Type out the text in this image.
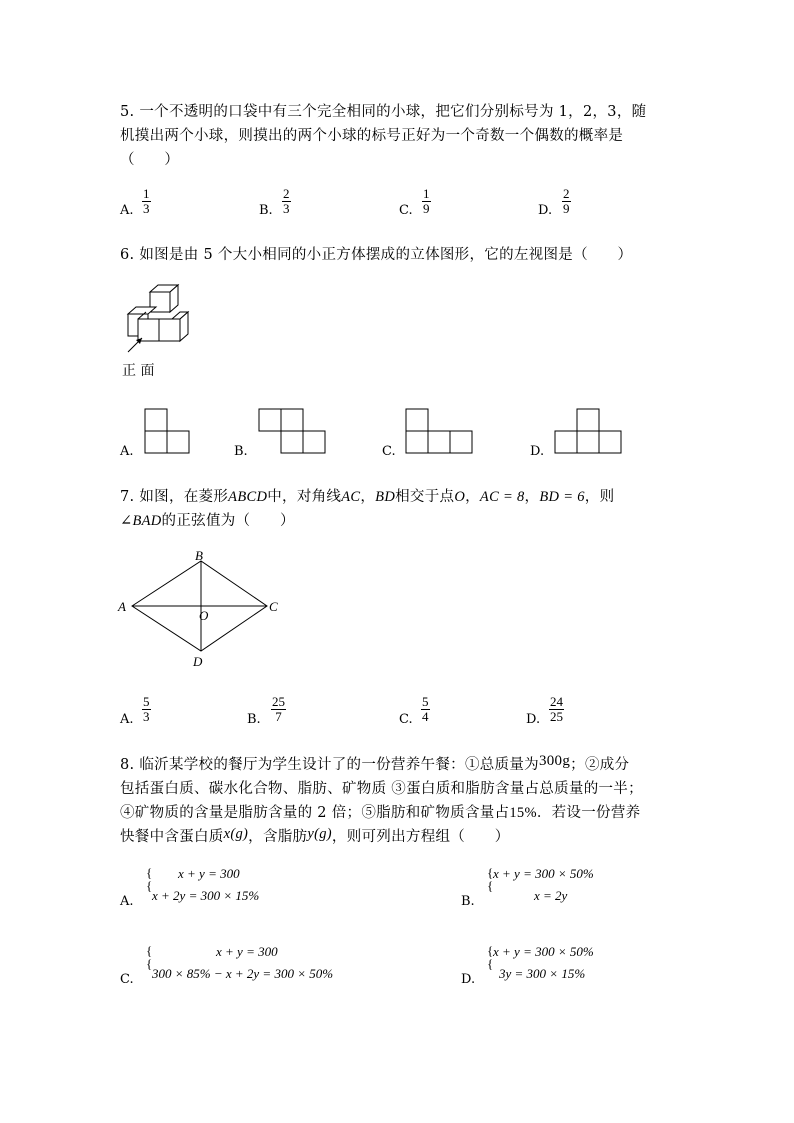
5. 一个不透明的口袋中有三个完全相同的小球，把它们分别标号为 1，2，3，随
机摸出两个小球，则摸出的两个小球的标号正好为一个奇数一个偶数的概率是
（　　）
A. $\frac{1}{3}$	B. $\frac{2}{3}$	C. $\frac{1}{9}$	D. $\frac{2}{9}$
6. 如图是由 5 个大小相同的小正方体摆成的立体图形，它的左视图是（　　）
正 面
A.	B.	C.	D.
7. 如图，在菱形ABCD中，对角线AC，BD相交于点O，AC = 8，BD = 6，则
∠BAD的正弦值为（　　）
A
B
C
D
O
A. $\frac{5}{3}$	B. $\frac{25}{7}$	C. $\frac{5}{4}$	D. $\frac{24}{25}$
8. 临沂某学校的餐厅为学生设计了的一份营养午餐：①总质量为300g；②成分
包括蛋白质、碳水化合物、脂肪、矿物质 ③蛋白质和脂肪含量占总质量的一半；
④矿物质的含量是脂肪含量的 2 倍；⑤脂肪和矿物质含量占15%．若设一份营养
快餐中含蛋白质x(g)，含脂肪y(g)，则可列出方程组（　　）
A.
{
{
x + y = 300
x + 2y = 300 × 15%	B.
{
{
x + y = 300 × 50%
x = 2y
C.
{
{
x + y = 300
300 × 85% − x + 2y = 300 × 50%	D.
{
{
x + y = 300 × 50%
3y = 300 × 15%
